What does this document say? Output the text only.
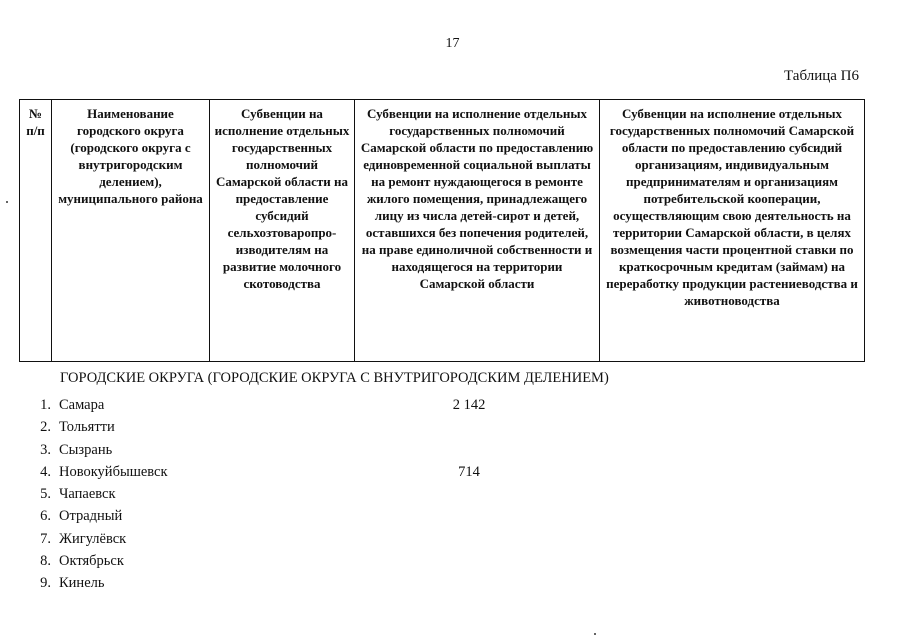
17
Таблица П6
№ п/п	Наименование городского округа (городского округа с внутригородским делением), муниципального района	Субвенции на исполнение отдельных государственных полномочий Самарской области на предоставление субсидий сельхозтоваропро-изводителям на развитие молочного скотоводства	Субвенции на исполнение отдельных государственных полномочий Самарской области по предоставлению единовременной социальной выплаты на ремонт нуждающегося в ремонте жилого помещения, принадлежащего лицу из числа детей-сирот и детей, оставшихся без попечения родителей, на праве единоличной собственности и находящегося на территории Самарской области	Субвенции на исполнение отдельных государственных полномочий Самарской области по предоставлению субсидий организациям, индивидуальным предпринимателям и организациям потребительской кооперации, осуществляющим свою деятельность на территории Самарской области, в целях возмещения части процентной ставки по краткосрочным кредитам (займам) на переработку продукции растениеводства и животноводства
ГОРОДСКИЕ ОКРУГА (ГОРОДСКИЕ ОКРУГА С ВНУТРИГОРОДСКИМ ДЕЛЕНИЕМ)
1. Самара	2 142
2. Тольятти
3. Сызрань
4. Новокуйбышевск	714
5. Чапаевск
6. Отрадный
7. Жигулёвск
8. Октябрьск
9. Кинель
